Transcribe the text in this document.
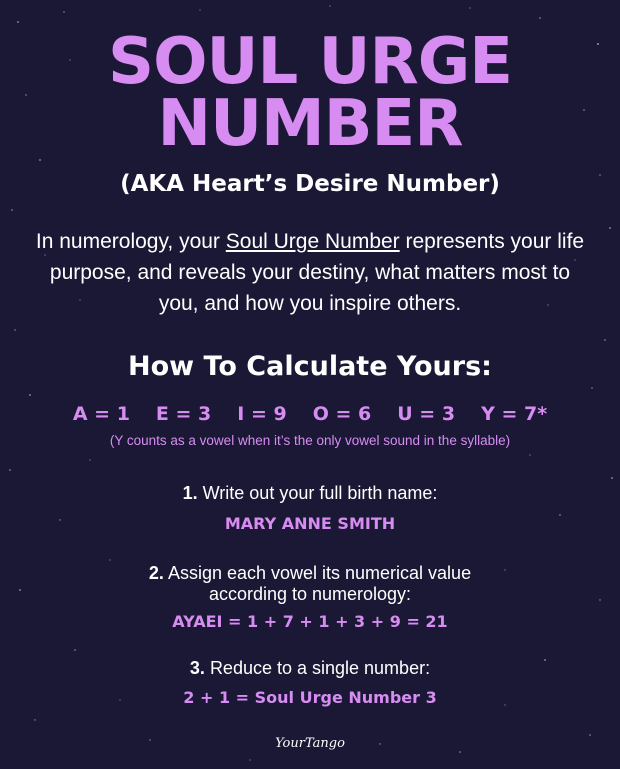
SOUL URGE
NUMBER
(AKA Heart’s Desire Number)
In numerology, your Soul Urge Number represents your life purpose, and reveals your destiny, what matters most to you, and how you inspire others.
How To Calculate Yours:
A = 1 E = 3 I = 9 O = 6 U = 3 Y = 7*
(Y counts as a vowel when it’s the only vowel sound in the syllable)
1. Write out your full birth name:
MARY ANNE SMITH
2. Assign each vowel its numerical value
according to numerology:
AYAEI = 1 + 7 + 1 + 3 + 9 = 21
3. Reduce to a single number:
2 + 1 = Soul Urge Number 3
YourTango
